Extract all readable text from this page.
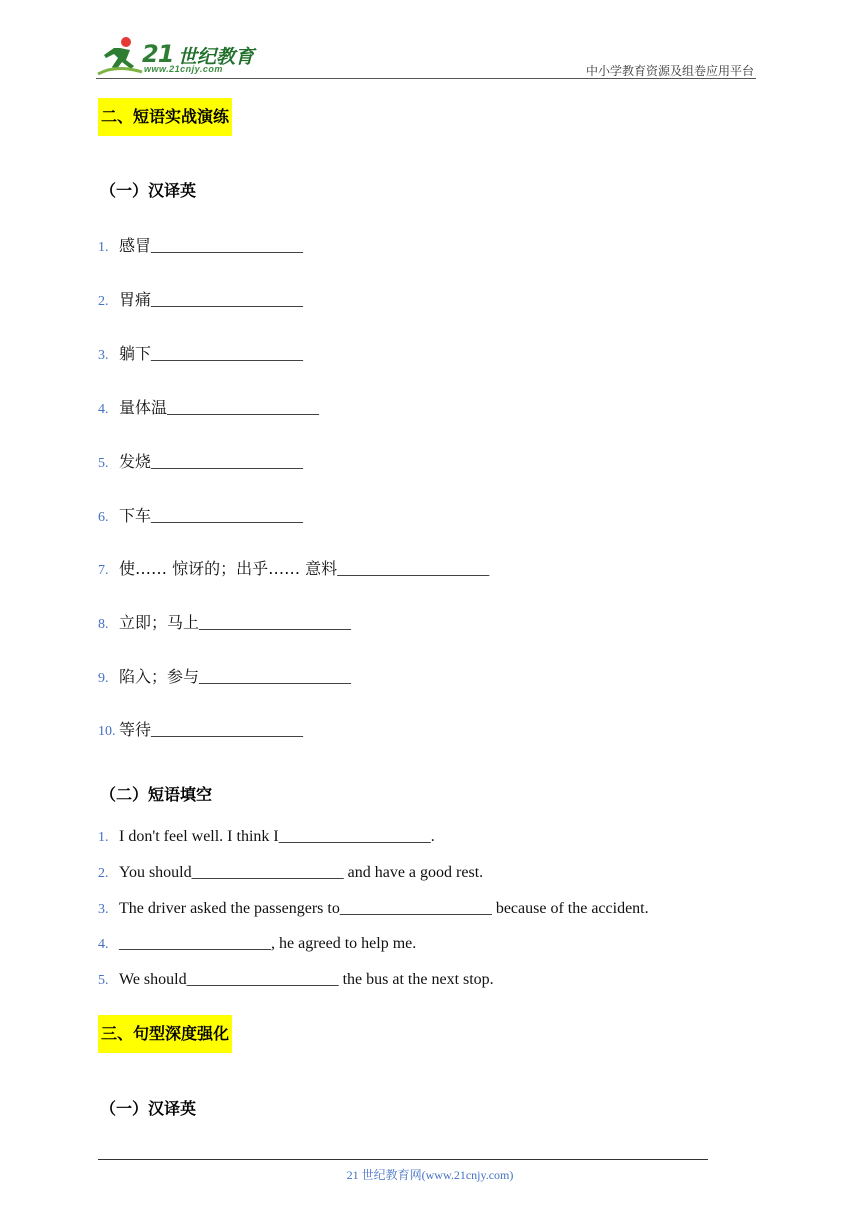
21 世纪教育
www.21cnjy.com	中小学教育资源及组卷应用平台
二、短语实战演练
（一）汉译英
1. 感冒___________________
2. 胃痛___________________
3. 躺下___________________
4. 量体温___________________
5. 发烧___________________
6. 下车___________________
7. 使…… 惊讶的；出乎…… 意料___________________
8. 立即；马上___________________
9. 陷入；参与___________________
10. 等待___________________
（二）短语填空
1. I don't feel well. I think I___________________.
2. You should___________________ and have a good rest.
3. The driver asked the passengers to___________________ because of the accident.
4. ___________________, he agreed to help me.
5. We should___________________ the bus at the next stop.
三、句型深度强化
（一）汉译英
21 世纪教育网(www.21cnjy.com)
